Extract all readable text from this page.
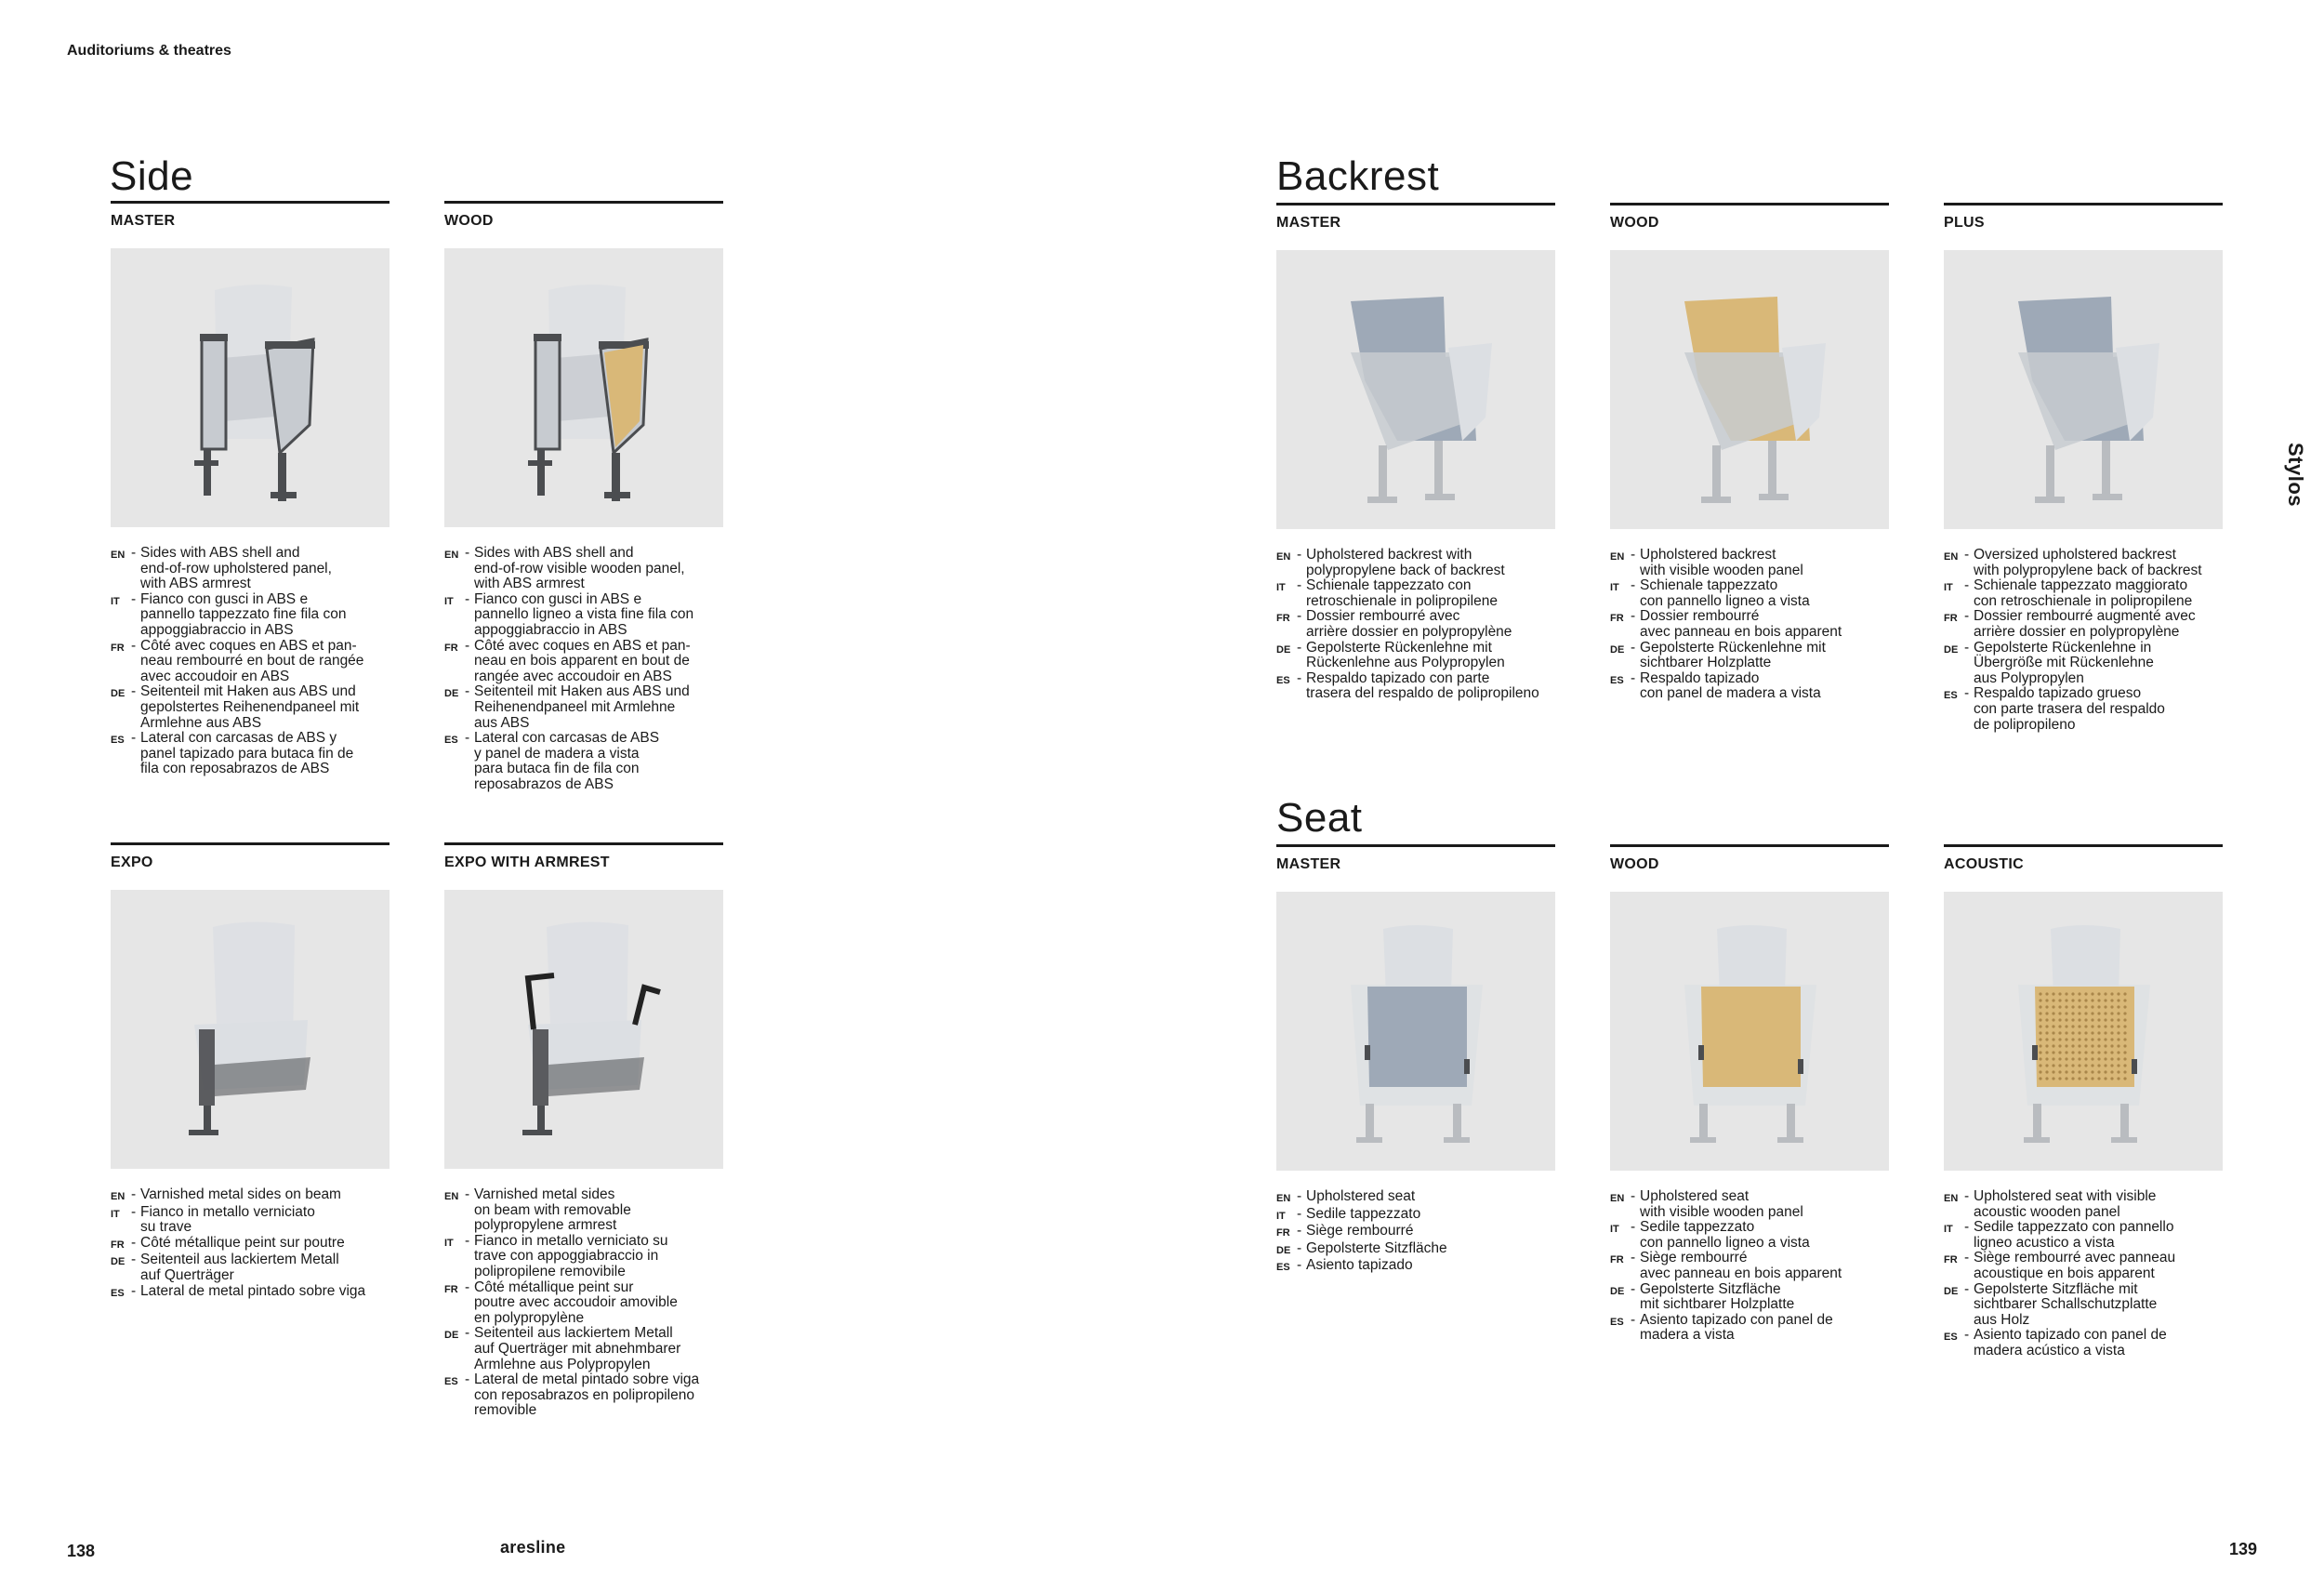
Auditoriums & theatres
Side	Backrest
Seat
MASTER
EN - Sides with ABS shell and
end-of-row upholstered panel,
with ABS armrest
IT - Fianco con gusci in ABS e
pannello tappezzato fine fila con
appoggiabraccio in ABS
FR - Côté avec coques en ABS et pan-
neau rembourré en bout de rangée
avec accoudoir en ABS
DE - Seitenteil mit Haken aus ABS und
gepolstertes Reihenendpaneel mit
Armlehne aus ABS
ES - Lateral con carcasas de ABS y
panel tapizado para butaca fin de
fila con reposabrazos de ABS
WOOD
EN - Sides with ABS shell and
end-of-row visible wooden panel,
with ABS armrest
IT - Fianco con gusci in ABS e
pannello ligneo a vista fine fila con
appoggiabraccio in ABS
FR - Côté avec coques en ABS et pan-
neau en bois apparent en bout de
rangée avec accoudoir en ABS
DE - Seitenteil mit Haken aus ABS und
Reihenendpaneel mit Armlehne
aus ABS
ES - Lateral con carcasas de ABS
y panel de madera a vista
para butaca fin de fila con
reposabrazos de ABS
EXPO
EN - Varnished metal sides on beam
IT - Fianco in metallo verniciato
su trave
FR - Côté métallique peint sur poutre
DE - Seitenteil aus lackiertem Metall
auf Querträger
ES - Lateral de metal pintado sobre viga
EXPO WITH ARMREST
EN - Varnished metal sides
on beam with removable
polypropylene armrest
IT - Fianco in metallo verniciato su
trave con appoggiabraccio in
polipropilene removibile
FR - Côté métallique peint sur
poutre avec accoudoir amovible
en polypropylène
DE - Seitenteil aus lackiertem Metall
auf Querträger mit abnehmbarer
Armlehne aus Polypropylen
ES - Lateral de metal pintado sobre viga
con reposabrazos en polipropileno
removible
MASTER
EN - Upholstered backrest with
polypropylene back of backrest
IT - Schienale tappezzato con
retroschienale in polipropilene
FR - Dossier rembourré avec
arrière dossier en polypropylène
DE - Gepolsterte Rückenlehne mit
Rückenlehne aus Polypropylen
ES - Respaldo tapizado con parte
trasera del respaldo de polipropileno
WOOD
EN - Upholstered backrest
with visible wooden panel
IT - Schienale tappezzato
con pannello ligneo a vista
FR - Dossier rembourré
avec panneau en bois apparent
DE - Gepolsterte Rückenlehne mit
sichtbarer Holzplatte
ES - Respaldo tapizado
con panel de madera a vista
PLUS
EN - Oversized upholstered backrest
with polypropylene back of backrest
IT - Schienale tappezzato maggiorato
con retroschienale in polipropilene
FR - Dossier rembourré augmenté avec
arrière dossier en polypropylène
DE - Gepolsterte Rückenlehne in
Übergröße mit Rückenlehne
aus Polypropylen
ES - Respaldo tapizado grueso
con parte trasera del respaldo
de polipropileno
MASTER
EN - Upholstered seat
IT - Sedile tappezzato
FR - Siège rembourré
DE - Gepolsterte Sitzfläche
ES - Asiento tapizado
WOOD
EN - Upholstered seat
with visible wooden panel
IT - Sedile tappezzato
con pannello ligneo a vista
FR - Siège rembourré
avec panneau en bois apparent
DE - Gepolsterte Sitzfläche
mit sichtbarer Holzplatte
ES - Asiento tapizado con panel de
madera a vista
ACOUSTIC
EN - Upholstered seat with visible
acoustic wooden panel
IT - Sedile tappezzato con pannello
ligneo acustico a vista
FR - Siège rembourré avec panneau
acoustique en bois apparent
DE - Gepolsterte Sitzfläche mit
sichtbarer Schallschutzplatte
aus Holz
ES - Asiento tapizado con panel de
madera acústico a vista
Stylos
138	aresline	139
